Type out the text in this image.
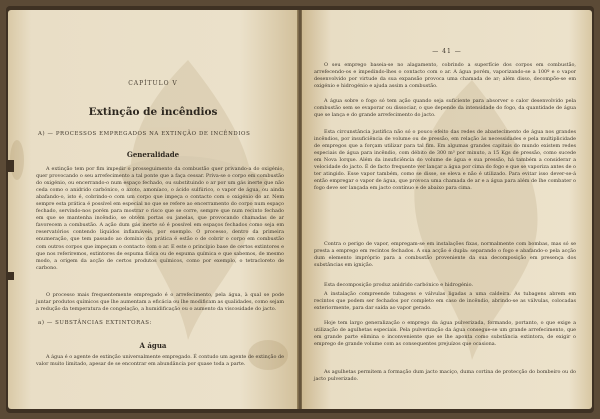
CAPÍTULO V
Extinção de incêndios
A) — PROCESSOS EMPREGADOS NA EXTINÇÃO DE INCÊNDIOS
Generalidade

A extinção tem por fim impedir o prosseguimento da combustão quer privando-a do oxigénio, quer provocando o seu arrefecimento a tal ponte que a faça cessar. Priva-se o corpo em combustão do oxigénio, ou encerrando-o num espaço fechado, ou substituindo o ar por um gás inerte que não ceda como o anidrido carbónico, o azoto, amoníaco, o ácido sulfúrico, o vapor de água, ou ainda abafando-o, isto é, cobrindo-o com um corpo que impeça o contacto com o oxigénio do ar. Nem sempre esta prática é possível em especial no que se refere ao encerramento do corpo num espaço fechado, servindo-nos porém para mostrar o risco que se corre, sempre que num recinto fechado em que se mantenha incêndio, se obtém portas ou janelas, que provocando chamadas de ar favorecem a combustão. A ação dum gás inerte só é possível em espaços fechados como seja em reservatórios contendo líquidos inflamáveis, por exemplo. O processo, dentro da primeira enumeração, que tem passado ao domínio da prática é estão o de cobrir o corpo em combustão com outros corpos que impeçam o contacto com o ar. E este o princípio base de certos extintores e que nos referiremos, extintores de espuma física ou de espuma química e que sabemos, de mesmo modo, a origem da acção de certos produtos químicos, como por exemplo, o tetracloreto de carbono.

O processo mais frequentemente empregado é o arrefecimento, pela água, à qual se pode juntar produtos químicos que lhe aumentam a eficácia ou lhe modificam as qualidades, como sejam a redução da temperatura de congelação, a humidificação ou o aumento da viscosidade do jacto.

a) — SUBSTÂNCIAS EXTINTORAS:
A água

A água é o agente de extinção universalmente empregado. É contudo um agente de extinção de valor muito limitado, apesar de se encontrar em abundância por quase toda a parte.

— 41 —

O seu emprego baseia-se no alagamento, cobrindo a superfície dos corpos em combustão, arrefecendo-os e impedindo-lhes o contacto com o ar. A água porém, vaporizando-se a 100º e o vapor desenvolvido por virtude da sua expansão provoca uma chamada de ar; além disso, decompõe-se em oxigénio e hidrogénio e ajuda assim a combustão.

A água sobre o fogo só tem ação quando seja suficiente para absorver o calor desenvolvido pela combustão sem se evaporar ou dissociar, o que depende da intensidade do fogo, da quantidade de água que se lança e do grande arrefecimento do jacto.

Esta circunstância justifica não só o pouco efeito das redes de abastecimento de água nos grandes incêndios, por insuficiência de volume ou de pressão, em relação às necessidades e pela multiplicidade de empregos que a forçam utilizar para tal fim. Em algumas grandes capitais do mundo existem redes especiais de água para incêndio, com débito de 300 m³ por minuto, a 15 Kgs de pressão, como sucede em Nova Iorque. Além da insuficiência do volume de água e sua pressão, há também a considerar a velocidade do jacto. É de facto frequente ver lançar a água por cima do fogo e que se vaporiza antes de o ter atingido. Esse vapor também, como se disse, se eleva e não é utilizado. Para evitar isso dever-se-á então empregar o vapor de água, que provoca uma chamada de ar e a água para além de lhe combater o fogo deve ser lançada em jacto contínuo e de abaixo para cima.

Contra o perigo de vapor, empregam-se em instalações fixas, normalmente com bombas, mas só se presta a emprego em recintos fechados. A sua acção é dupla: separando o fogo e abafando-o pela acção dum elemento impróprio para a combustão proveniente da sua decomposição em presença dos substâncias em ignição.

Esta decomposição produz anidrido carbónico e hidrogénio.

A instalação compreende tubagens e válvulas ligadas a uma caldeira. As tubagens abrem em recintos que podem ser fechados por completo em caso de incêndio, abrindo-se as válvulas, colocadas exteriormente, para dar saída ao vapor gerado.

Hoje tem largo generalização o emprego da água pulverizada, formando, portanto, o que exige a utilização de agulhetas especiais. Pela pulverização da água consegue-se um grande arrefecimento, que em grande parte elimina o inconveniente que se lhe aponta como substância extintora, de exigir o emprego de grande volume com as consequentes prejuízos que ocasiona.

As agulhetas permitem a formação dum jacto maciço, duma cortina de protecção do bombeiro ou do jacto pulverizado.
